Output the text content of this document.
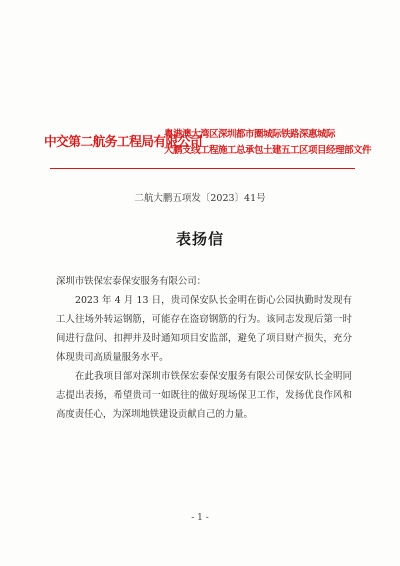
中交第二航务工程局有限公司
粤港澳大湾区深圳都市圈城际铁路深惠城际
大鹏支线工程施工总承包土建五工区项目经理部文件
二航大鹏五项发〔2023〕41号
表扬信

深圳市铁保宏泰保安服务有限公司：

2023 年 4 月 13 日，贵司保安队长金明在街心公园执勤时发现有工人往场外转运钢筋，可能存在盗窃钢筋的行为。该同志发现后第一时间进行盘问、扣押并及时通知项目安监部，避免了项目财产损失，充分体现贵司高质量服务水平。

在此我项目部对深圳市铁保宏泰保安服务有限公司保安队长金明同志提出表扬，希望贵司一如既往的做好现场保卫工作，发扬优良作风和高度责任心，为深圳地铁建设贡献自己的力量。

- 1 -
